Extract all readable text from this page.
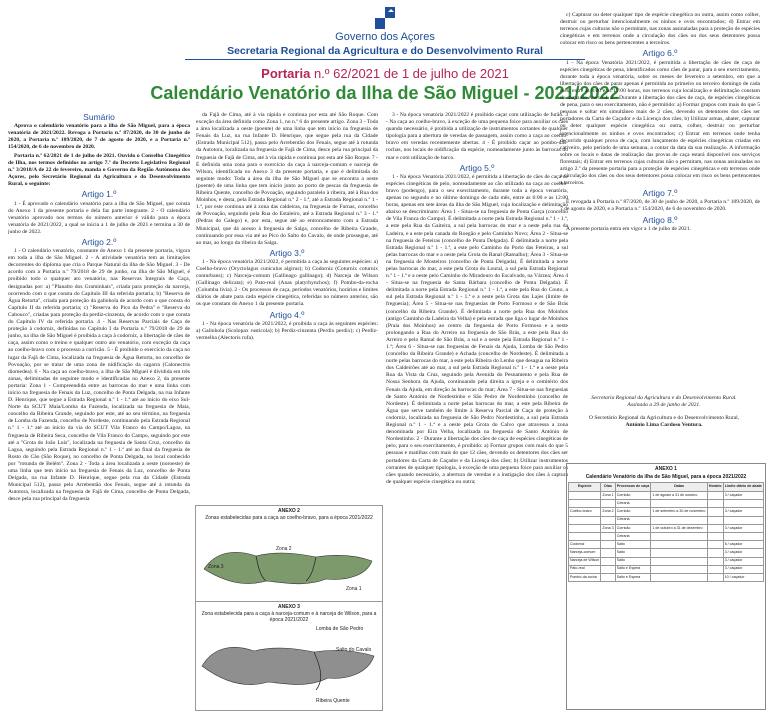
Governo dos Açores
Secretaria Regional da Agricultura e do Desenvolvimento Rural
Portaria n.º 62/2021 de 1 de julho de 2021
Calendário Venatório da Ilha de São Miguel - 2021/2022
Sumário

Aprova o calendário venatório para a ilha de São Miguel, para a época venatória de 2021/2022. Revoga a Portaria n.º 87/2020, de 30 de junho de 2020, a Portaria n.º 109/2020, de 7 de agosto de 2020, e a Portaria n.º 154/2020, de 6 de novembro de 2020.

Portaria n.º 62/2021 de 1 de julho de 2021. Ouvido o Conselho Cinegético de Ilha, nos termos definidos no artigo 7.º do Decreto Legislativo Regional n.º 3/2018/A de 22 de fevereiro, manda o Governo da Região Autónoma dos Açores, pelo Secretário Regional da Agricultura e do Desenvolvimento Rural, o seguinte:

Artigo 1.º

1 - É aprovado o calendário venatório para a ilha de São Miguel, que consta do Anexo 1 da presente portaria e dela faz parte integrante. 2 - O calendário venatório aprovado nos termos do número anterior é válido para a época venatória de 2021/2022, a qual se inicia a 1 de julho de 2021 e termina a 30 de junho de 2022.

Artigo 2.º

1 - O calendário venatório, constante do Anexo 1 da presente portaria, vigora em toda a ilha de São Miguel. 2 - A atividade venatória tem as limitações decorrentes do diploma que cria o Parque Natural da ilha de São Miguel. 3 - De acordo com a Portaria n.º 79/2018 de 29 de junho, na ilha de São Miguel, é proibido todo o qualquer ato venatório, nas Reservas Integrais de Caça, designadas por: a) "Planalto dos Graminhais", criada para proteção da narceja, ocorrendo com o que consta do Capítulo III da referida portaria; b) "Reserva de Água Retorta", criada para proteção da galinhola de acordo com o que consta do Capítulo II da referida portaria; c) "Reserva do Pico da Pedra" e "Reserva do Cabouco", criadas para proteção da perdiz-cinzenta, de acordo com o que consta do Capítulo IV da referida portaria. 4 - Nas Reservas Parciais de Caça de proteção à codorniz, definidas no Capítulo I da Portaria n.º 79/2018 de 29 de junho, na ilha de São Miguel é proibida a caça à codorniz, a libertação de cães de caça, assim como o treino e qualquer outro ato venatório, com exceção da caça ao coelho-bravo com o processo a corricão. 5 - É proibido o exercício da caça no lugar da Fajã de Cima, localizada na freguesia de Água Retorta, no concelho de Povoação, por se tratar de uma zona de nidificação da cagarra (Calonectris diomedea). 6 - Na caça ao coelho-bravo, a ilha de São Miguel é dividida em três zonas, delimitadas de seguinte modo e identificadas no Anexo 2, da presente portaria: Zona 1 - Compreendida entre as barrocas do mar e uma linha com início na freguesia de Fenais da Luz, concelho de Ponta Delgada, na rua Infante D. Henrique, que segue a Estrada Regional n.º 1 - 1.ª até ao início do eixo Sul-Norte da SCUT Maia/Lomba da Fazenda, localizada na freguesia de Maia, concelho da Ribeira Grande, seguindo por este, até ao seu término, na freguesia de Lomba da Fazenda, concelho de Nordeste, continuando pela Estrada Regional n.º 1 - 1.ª até ao início da via do SCUT Vila Franco do Campo/Lagoa, na freguesia de Ribeira Seca, concelho de Vila Franco do Campo, seguindo por este até a "Grota do João Luís", localizada na freguesia de Santa Cruz, concelho da Lagoa, seguindo pela Estrada Regional n.º 1 - 1.ª até ao final da freguesia de Rosto do Cão (São Roque), no concelho de Ponta Delgada, no local conhecido por "rotunda de Belém". Zona 2 - Toda a área localizada a oeste (noroeste) de uma linha que tem início na freguesia de Fenais da Luz, concelho de Ponta Delgada, na rua Infante D. Henrique, segue pela rua da Cidade (Estrada Municipal 512), passa pelo Arrebentão dos Fenais, segue até à rotunda da Autotora, localizada na freguesia de Fajã de Cima, concelho de Ponta Delgada, desce pela rua principal da freguesia

da Fajã de Cima, até à via rápida e continua por esta até São Roque. Com exceção da área definida como Zona 1, no n.º 6 do presente artigo. Zona 3 - Toda a área localizada a oeste (poente) de uma linha que tem início na freguesia de Fenais da Luz, na rua Infante D. Henrique, que segue pela rua da Cidade (Estrada Municipal 512), passa pelo Arrebentão dos Fenais, segue até à rotunda da Autotora, localizada na freguesia de Fajã de Cima, desce pela rua principal da freguesia de Fajã de Cima, até à via rápida e continua por esta até São Roque. 7 - É definida uma zona para o exercício da caça à narceja-comum e narceja de Wilson, identificada no Anexo 3 da presente portaria, e que é delimitada do seguinte modo: Toda a área da ilha de São Miguel que se encontra a oeste (poente) de uma linha que tem início junto ao porto de pescas da freguesia de Ribeira Quente, concelho de Povoação, seguindo paralelo à ribeira, até à Rua dos Moinhos, e desta, pela Estrada Regional n.º 2 - 1.ª, até a Estrada Regional n.º 1 - 1.ª, por este continua até à zona das caldeiras, na freguesia de Furnas, concelho de Povoação, seguindo pela Rua do Estaleiro, até a Estrada Regional n.º 3 - 1.ª (Pedras do Galego) e, por esta, segue até ao entroncamento com a Estrada Municipal, que dá acesso à freguesia de Salga, concelho de Ribeira Grande, continuando por essa via até ao Pico do Salto do Cavalo, de onde prossegue, até ao mar, ao longo da ribeira da Salga.

Artigo 3.º

1 - Na época venatória 2021/2022, é permitida a caça às seguintes espécies: a) Coelho-bravo (Oryctolagus cuniculus algirus); b) Codorniz (Coturnix coturnix conturbans); c) Narceja-comum (Gallinago gallinago); d) Narceja de Wilson (Gallinago delicata); e) Pato-real (Anas platyrhynchos); f) Pombo-da-rocha (Columba livia). 2 - Os processos de caça, períodos venatórios, horários e limites diários de abate para cada espécie cinegética, referidas no número anterior, são os que constam do Anexo 1 da presente portaria.

Artigo 4.º

1 - Na época venatória de 2021/2022, é proibida a caça às seguintes espécies: a) Galinhola (Scolopax rusticola); b) Perdiz-cinzenta (Perdix perdix); c) Perdiz-vermelha (Alectoris rufa).

ANEXO 2
Zonas estabelecidas para a caça ao coelho-bravo, para a época 2021/2022
Zona 3
Zona 2
Zona 1
ANEXO 3
Zona estabelecida para a caça à narceja-comum e à narceja de Wilson, para a época 2021/2022
Lomba de São Pedro
Salto do Cavalo
Ribeira Quente

3 - Na época venatória 2021/2022 é proibido caçar com utilização de furão. 3 - Na caça ao coelho-bravo, à exceção de uma pequena foice para auxiliar os cães quando necessário, é proibida a utilização de instrumentos cortantes de qualquer tipologia para a abertura de veredas de passagem, assim como a caça ao coelho-bravo em veredas recentemente abertas. 4 - É proibido caçar ao pombo-das-rochas, nos locais de nidificação da espécie, nomeadamente junto às barrocas do mar e com utilização de barco.

Artigo 5.º

1 - Na época Venatória 2021/2022, é permitida a libertação de cães de caça de espécies cinegéticas de pelo, nomeadamente ao cão utilizado na caça ao coelho-bravo (podengo), para o seu exercitamento, durante toda a época venatória, apenas no segundo e no último domingo de cada mês, entre as 6:00 e as 12:00 horas, apenas em sete áreas da ilha de São Miguel, cuja localização e delimitação abaixo se descriminam: Área 1 - Situa-se na freguesia de Ponta Garça (concelho de Vila Franca do Campo). É delimitada a norte pela Estrada Regional n.º 1 - 1.ª, a este pela Rua da Gaiteira, a sul pela barrocas do mar e a oeste pela rua da Ladeira, e a este pela canada do Roegão e pelo Caminho Novo; Área 2 - Situa-se na freguesia de Feteiras (concelho de Ponta Delgada). É delimitada a norte pela Estrada Regional n.º 1 - 1.ª, a este pelo Caminho do Porto das Feteiras, a sul pelas barrocas do mar e a oeste pela Grota do Ranal (Ramalho); Área 3 - Situa-se na freguesia de Mosteiros (concelho de Ponta Delgada). É delimitada a norte pelas barrocas do mar, a este pela Grota do Loural, a sul pela Estrada Regional n.º 1 - 1.ª e a oeste pelo Caminho do Miradouro do Escalvado, na Várzea; Área 4 - Situa-se na freguesia de Santa Bárbara (concelho de Ponta Delgada). É delimitada a norte pela Estrada Regional n.º 1 - 1.ª, a este pela Rua do Couto, a sul pela Estrada Regional n.º 1 - 1.ª e a oeste pela Grota das Lajes (limite de freguesia); Área 5 - Situa-se nas freguesias de Porto Formoso e de São Brás (concelho da Ribeira Grande). É delimitada a norte pela Rua dos Moinhos (antigo Caminho da Ladeira da Velha) e pela estrada que liga o lugar de Moinhos (Praia dos Moinhos) ao centro da freguesia de Porto Formoso e a oeste prolongando a Rua do Arreiro na freguesia de São Brás, a este pela Rua do Arreiro e pelo Ramal de São Brás, a sul e a oeste pela Estrada Regional n.º 1 - 1.ª; Área 6 - Situa-se nas freguesias de Fenais da Ajuda, Lomba de São Pedro (concelho da Ribeira Grande) e Achada (concelho de Nordeste). É delimitada a norte pelas barrocas do mar, a este pela Ribeira do Lenho que desagua na Ribeira dos Caldeirões até ao mar, a sul pela Estrada Regional n.º 1 - 1.ª e a oeste pela Rua da Vista da Cruz, seguindo pela Avenida do Pesnamento e pela Rua de Nossa Senhora da Ajuda, continuando pela direita a igreja e o cemitério dos Fenais da Ajuda, em direção às barrocas do mar; Área 7 - Situa-se nas freguesias de Santo António de Nordestinho e São Pedro de Nordestinho (concelho de Nordeste). É delimitada a norte pelas barrocas do mar, a este pela Ribeira de Água que serve também de limite à Reserva Parcial de Caça de proteção à codorniz, localizada na freguesia de São Pedro Nordestinho, a sul pela Estrada Regional n.º 1 - 1.ª e a oeste pela Grota do Calvo que atravessa a zona denominada por Eira Velha, localizada na freguesia de Santo António de Nordestinho. 2 - Durante a libertação dos cães de caça de espécies cinegéticas de pelo, para o seu exercitamento, é proibido: a) Formar grupos com mais do que 5 pessoas e matilhas com mais do que 12 cães, devendo os detentores dos cães ser portadores da Carta de Caçador e da Licença dos cães; b) Utilizar instrumentos cortantes de qualquer tipologia, à exceção de uma pequena foice para auxiliar os cães quando necessário, a abertura de veredas e a instigação dos cães à captura de qualquer espécie cinegética ou outra;

c) Capturar ou deter qualquer tipo de espécie cinegética ou outra, assim como colher, destruir ou perturbar intencionalmente os ninhos e ovos encontrados; d) Entrar em terrenos cujas culturas não o permitam, nas zonas assinaladas para a proteção de espécies cinegéticas e em terrenos onde a circulação dos cães ou dos seus detentores possa colocar em risco os bens pertencentes a terceiros.

Artigo 6.º

1 - Na época Venatória 2021/2022, é permitida a libertação de cães de caça de espécies cinegéticas de pena, identificados como cães de parar, para o seu exercitamento, durante toda a época venatória, sobre os meses de fevereiro a setembro, em que a libertação dos cães de parar apenas é permitida no primeiro ou terceiro domingo de cada mês, entre as 8:00 e as 17:00 horas, nos terrenos cuja localização e delimitação constam do mapa do Anexo 4. 2 - Durante a libertação dos cães de caça, de espécies cinegéticas de pena, para o seu exercitamento, não é permitido: a) Formar grupos com mais do que 5 pessoas e soltar em simultâneo mais de 2 cães, devendo os detentores dos cães ser portadores da Carta de Caçador e da Licença dos cães; b) Utilizar armas, abater, capturar ou deter qualquer espécie cinegética ou outra, colher, destruir ou perturbar intencionalmente os ninhos e ovos encontrados; c) Entrar em terrenos onde tenha decorrido qualquer prova de caça, com lançamento de espécies cinegéticas criadas em cativeiro, pelo período de uma semana, a contar da data da sua realização. A informação sobre os locais e datas de realização das provas de caça estará disponível nos serviços florestais; d) Entrar em terrenos cujas culturas não o permitam, nas zonas assinaladas no artigo 2.º da presente portaria para a proteção de espécies cinegéticas e em terrenos onde a circulação dos cães ou dos seus detentores possa colocar em risco os bens pertencentes a terceiros.

Artigo 7.º

É revogada a Portaria n.º 87/2020, de 30 de junho de 2020, a Portaria n.º 109/2020, de 7 de agosto de 2020, e a Portaria n.º 154/2020, de 6 de novembro de 2020.

Artigo 8.º

A presente portaria entra em vigor a 1 de julho de 2021.

Secretaria Regional da Agricultura e do Desenvolvimento Rural.
Assinada a 29 de junho de 2021.
O Secretário Regional da Agricultura e do Desenvolvimento Rural,
António Lima Cardoso Ventura.
ANEXO 1
Calendário Venatório da ilha de São Miguel, para a época 2021/2022
Espécie	Dias	Processos de caça	Datas	Horário	Limite diário de abate
	Zona 1	Corricão	1 de agosto a 31 de outubro		3 / caçador
		Cetraria			
Coelho-bravo	Zona 2	Corricão	1 de setembro a 30 de novembro		3 / caçador
		Cetraria			
	Zona 3	Corricão	1 de outubro a 31 de dezembro		3 / caçador
		Cetraria			
Codorniz		Salto			6 / caçador
Narceja-comum		Salto			3 / caçador
Narceja de Wilson		Salto			3 / caçador
Pato-real		Salto e Espera			3 / caçador
Pombo-da-rocha		Salto e Espera			10 / caçador
